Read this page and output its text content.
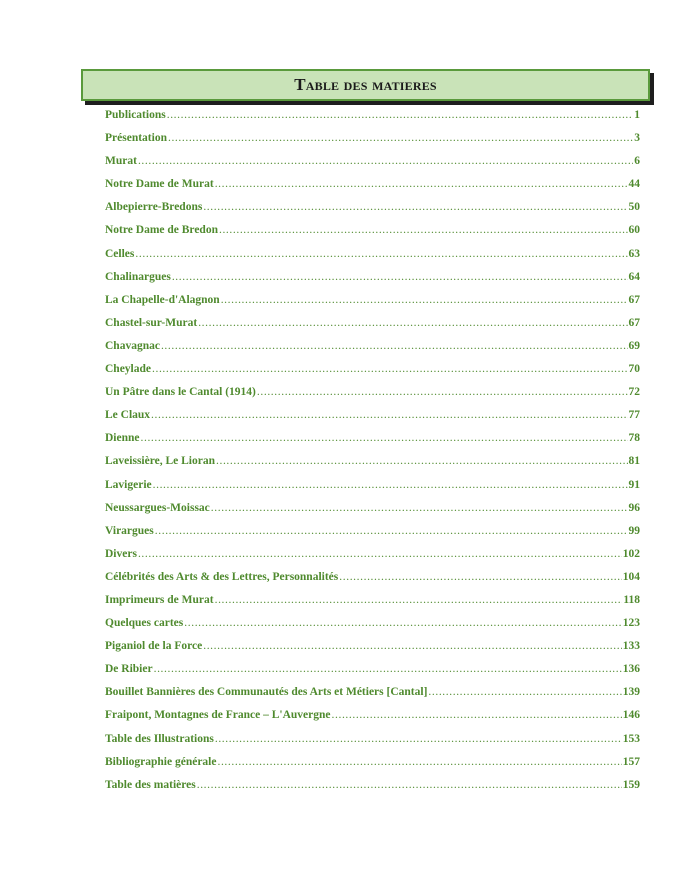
Table des matieres
Publications .....	1
Présentation .....	3
Murat .....	6
Notre Dame de Murat .....	44
Albepierre-Bredons .....	50
Notre Dame de Bredon .....	60
Celles .....	63
Chalinargues .....	64
La Chapelle-d'Alagnon .....	67
Chastel-sur-Murat .....	67
Chavagnac .....	69
Cheylade .....	70
Un Pâtre dans le Cantal (1914) .....	72
Le Claux .....	77
Dienne .....	78
Laveissière, Le Lioran .....	81
Lavigerie .....	91
Neussargues-Moissac .....	96
Virargues .....	99
Divers .....	102
Célébrités des Arts & des Lettres, Personnalités .....	104
Imprimeurs de Murat .....	118
Quelques cartes .....	123
Piganiol de la Force .....	133
De Ribier .....	136
Bouillet Bannières des Communautés des Arts et Métiers [Cantal] .....	139
Fraipont, Montagnes de France – L'Auvergne .....	146
Table des Illustrations .....	153
Bibliographie générale .....	157
Table des matières .....	159
